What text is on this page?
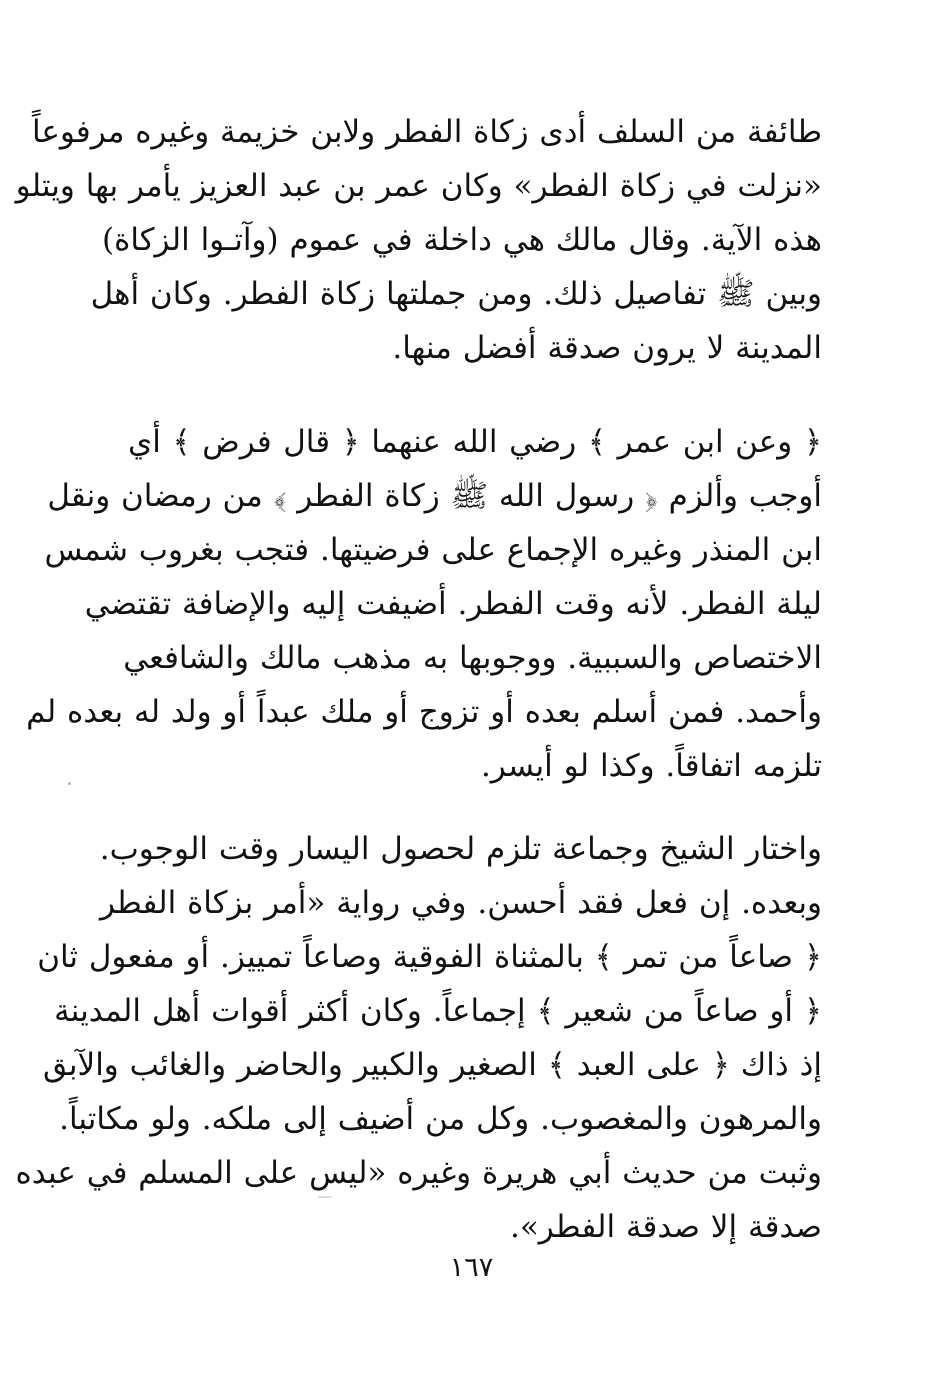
طائفة من السلف أدى زكاة الفطر ولابن خزيمة وغيره مرفوعاً
«نزلت في زكاة الفطر» وكان عمر بن عبد العزيز يأمر بها ويتلو
هذه الآية. وقال مالك هي داخلة في عموم (وآتـوا الزكاة)
وبين ﷺ تفاصيل ذلك. ومن جملتها زكاة الفطر. وكان أهل
المدينة لا يرون صدقة أفضل منها.
﴿ وعن ابن عمر ﴾ رضي الله عنهما ﴿ قال فرض ﴾ أي
أوجب وألزم ﴿ رسول الله ﷺ زكاة الفطر ﴾ من رمضان ونقل
ابن المنذر وغيره الإجماع على فرضيتها. فتجب بغروب شمس
ليلة الفطر. لأنه وقت الفطر. أضيفت إليه والإضافة تقتضي
الاختصاص والسببية. ووجوبها به مذهب مالك والشافعي
وأحمد. فمن أسلم بعده أو تزوج أو ملك عبداً أو ولد له بعده لم
تلزمه اتفاقاً. وكذا لو أيسر.
واختار الشيخ وجماعة تلزم لحصول اليسار وقت الوجوب.
وبعده. إن فعل فقد أحسن. وفي رواية «أمر بزكاة الفطر
﴿ صاعاً من تمر ﴾ بالمثناة الفوقية وصاعاً تمييز. أو مفعول ثان
﴿ أو صاعاً من شعير ﴾ إجماعاً. وكان أكثر أقوات أهل المدينة
إذ ذاك ﴿ على العبد ﴾ الصغير والكبير والحاضر والغائب والآبق
والمرهون والمغصوب. وكل من أضيف إلى ملكه. ولو مكاتباً.
وثبت من حديث أبي هريرة وغيره «ليس على المسلم في عبده
صدقة إلا صدقة الفطر».
١٦٧
